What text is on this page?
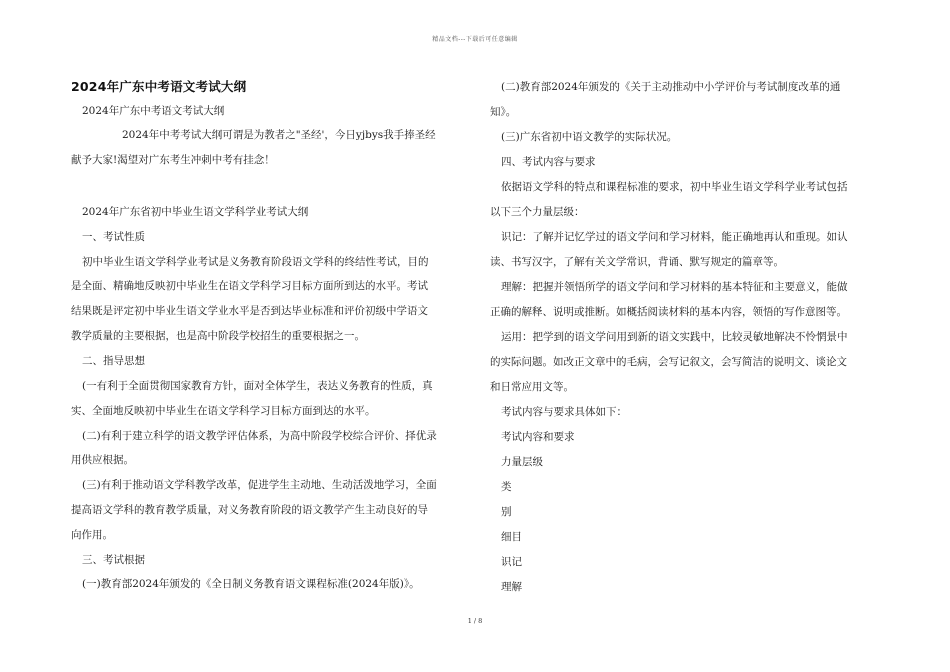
精品文档---下载后可任意编辑
2024年广东中考语文考试大纲
2024年广东中考语文考试大纲
2024年中考考试大纲可谓是为教者之"圣经'，今日yjbys我手捧圣经
献予大家!渴望对广东考生冲刺中考有挂念！
2024年广东省初中毕业生语文学科学业考试大纲
一、考试性质
初中毕业生语文学科学业考试是义务教育阶段语文学科的终结性考试，目的
是全面、精确地反映初中毕业生在语文学科学习目标方面所到达的水平。考试
结果既是评定初中毕业生语文学业水平是否到达毕业标准和评价初级中学语文
教学质量的主要根据，也是高中阶段学校招生的重要根据之一。
二、指导思想
(一有利于全面贯彻国家教育方针，面对全体学生，表达义务教育的性质，真
实、全面地反映初中毕业生在语文学科学习目标方面到达的水平。
(二)有利于建立科学的语文教学评估体系，为高中阶段学校综合评价、择优录
用供应根据。
(三)有利于推动语文学科教学改革，促进学生主动地、生动活泼地学习，全面
提高语文学科的教育教学质量，对义务教育阶段的语文教学产生主动良好的导
向作用。
三、考试根据
(一)教育部2024年颁发的《全日制义务教育语文课程标准(2024年版)》。
(二)教育部2024年颁发的《关于主动推动中小学评价与考试制度改革的通
知》。
(三)广东省初中语文教学的实际状况。
四、考试内容与要求
依据语文学科的特点和课程标准的要求，初中毕业生语文学科学业考试包括
以下三个力量层级：
识记：了解并记忆学过的语文学问和学习材料，能正确地再认和重现。如认
读、书写汉字，了解有关文学常识，背诵、默写规定的篇章等。
理解：把握并领悟所学的语文学问和学习材料的基本特征和主要意义，能做
正确的解释、说明或推断。如概括阅读材料的基本内容，领悟的写作意图等。
运用：把学到的语文学问用到新的语文实践中，比较灵敏地解决不怜惘景中
的实际问题。如改正文章中的毛病，会写记叙文，会写简洁的说明文、谈论文
和日常应用文等。
考试内容与要求具体如下：
考试内容和要求
力量层级
类
别
细目
识记
理解
1 / 8
